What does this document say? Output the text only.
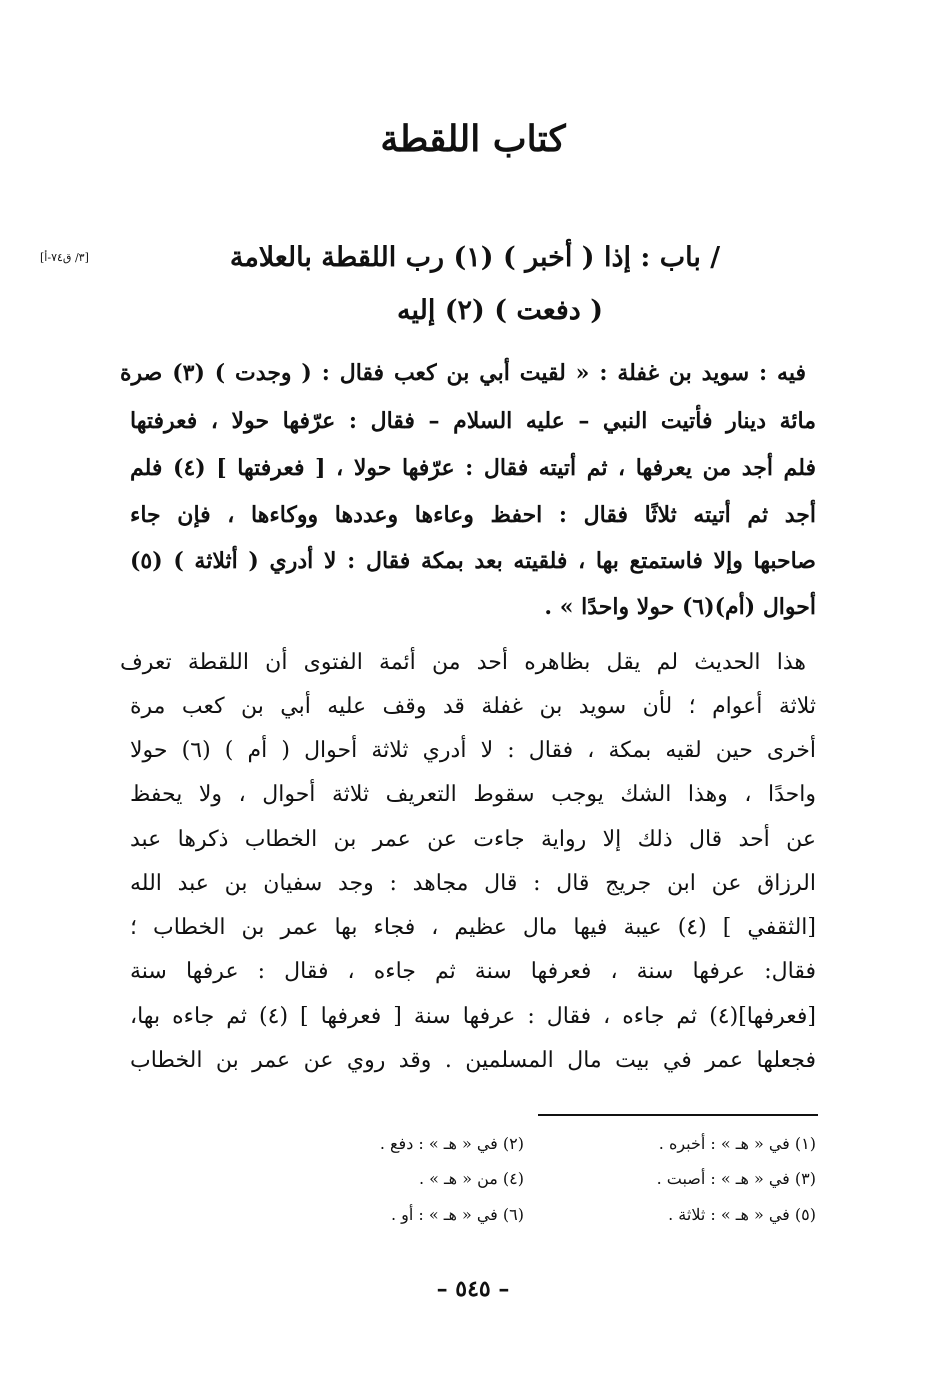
كتاب اللقطة
[٣/ ق٧٤-أ]	/ باب : إذا ( أخبر ) (١) رب اللقطة بالعلامة
( دفعت ) (٢) إليه
فيه : سويد بن غفلة : « لقيت أبي بن كعب فقال : ( وجدت ) (٣) صرة
مائة دينار فأتيت النبي – عليه السلام – فقال : عرّفها حولا ، فعرفتها
فلم أجد من يعرفها ، ثم أتيته فقال : عرّفها حولا ، [ فعرفتها ] (٤) فلم
أجد ثم أتيته ثلاثًا فقال : احفظ وعاءها وعددها ووكاءها ، فإن جاء
صاحبها وإلا فاستمتع بها ، فلقيته بعد بمكة فقال : لا أدري ( أثلاثة ) (٥)
أحوال (أم)(٦) حولا واحدًا » .
هذا الحديث لم يقل بظاهره أحد من أئمة الفتوى أن اللقطة تعرف
ثلاثة أعوام ؛ لأن سويد بن غفلة قد وقف عليه أبي بن كعب مرة
أخرى حين لقيه بمكة ، فقال : لا أدري ثلاثة أحوال ( أم ) (٦) حولا
واحدًا ، وهذا الشك يوجب سقوط التعريف ثلاثة أحوال ، ولا يحفظ
عن أحد قال ذلك إلا رواية جاءت عن عمر بن الخطاب ذكرها عبد
الرزاق عن ابن جريج قال : قال مجاهد : وجد سفيان بن عبد الله
[الثقفي ] (٤) عيبة فيها مال عظيم ، فجاء بها عمر بن الخطاب ؛
فقال: عرفها سنة ، فعرفها سنة ثم جاءه ، فقال : عرفها سنة
[فعرفها](٤) ثم جاءه ، فقال : عرفها سنة [ فعرفها ] (٤) ثم جاءه بها،
فجعلها عمر في بيت مال المسلمين . وقد روي عن عمر بن الخطاب
(١) في « هـ » : أخبره .
(٢) في « هـ » : دفع .
(٣) في « هـ » : أصبت .
(٤) من « هـ » .
(٥) في « هـ » : ثلاثة .
(٦) في « هـ » : أو .
– ٥٤٥ –
